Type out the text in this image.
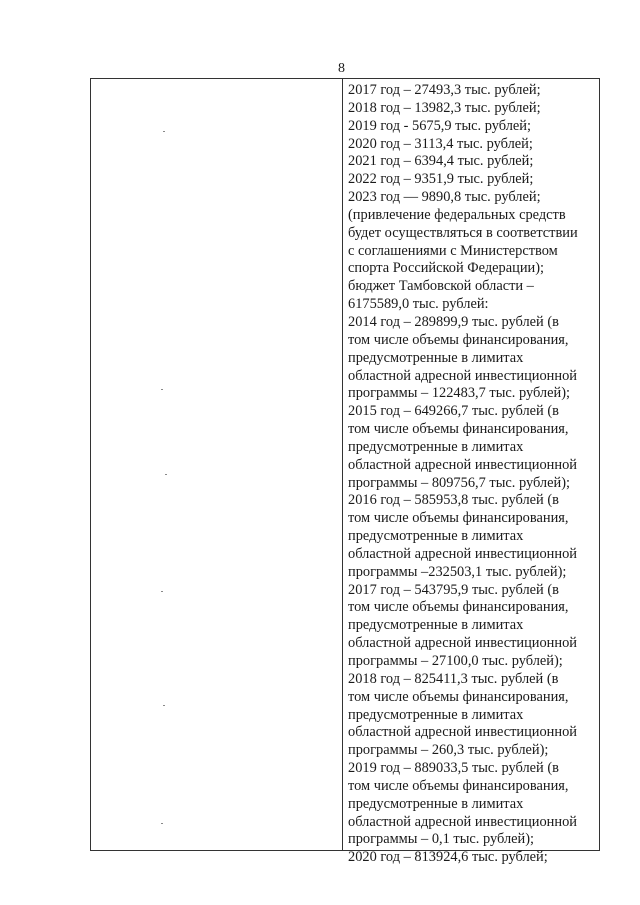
8
2017 год – 27493,3 тыс. рублей;
2018 год – 13982,3 тыс. рублей;
2019 год - 5675,9 тыс. рублей;
2020 год – 3113,4 тыс. рублей;
2021 год – 6394,4 тыс. рублей;
2022 год – 9351,9 тыс. рублей;
2023 год — 9890,8 тыс. рублей;
(привлечение федеральных средств
будет осуществляться в соответствии
с соглашениями с Министерством
спорта Российской Федерации);
бюджет Тамбовской области –
6175589,0 тыс. рублей:
2014 год – 289899,9 тыс. рублей (в
том числе объемы финансирования,
предусмотренные в лимитах
областной адресной инвестиционной
программы – 122483,7 тыс. рублей);
2015 год – 649266,7 тыс. рублей (в
том числе объемы финансирования,
предусмотренные в лимитах
областной адресной инвестиционной
программы – 809756,7 тыс. рублей);
2016 год – 585953,8 тыс. рублей (в
том числе объемы финансирования,
предусмотренные в лимитах
областной адресной инвестиционной
программы –232503,1 тыс. рублей);
2017 год – 543795,9 тыс. рублей (в
том числе объемы финансирования,
предусмотренные в лимитах
областной адресной инвестиционной
программы – 27100,0 тыс. рублей);
2018 год – 825411,3 тыс. рублей (в
том числе объемы финансирования,
предусмотренные в лимитах
областной адресной инвестиционной
программы – 260,3 тыс. рублей);
2019 год – 889033,5 тыс. рублей (в
том числе объемы финансирования,
предусмотренные в лимитах
областной адресной инвестиционной
программы – 0,1 тыс. рублей);
2020 год – 813924,6 тыс. рублей;
